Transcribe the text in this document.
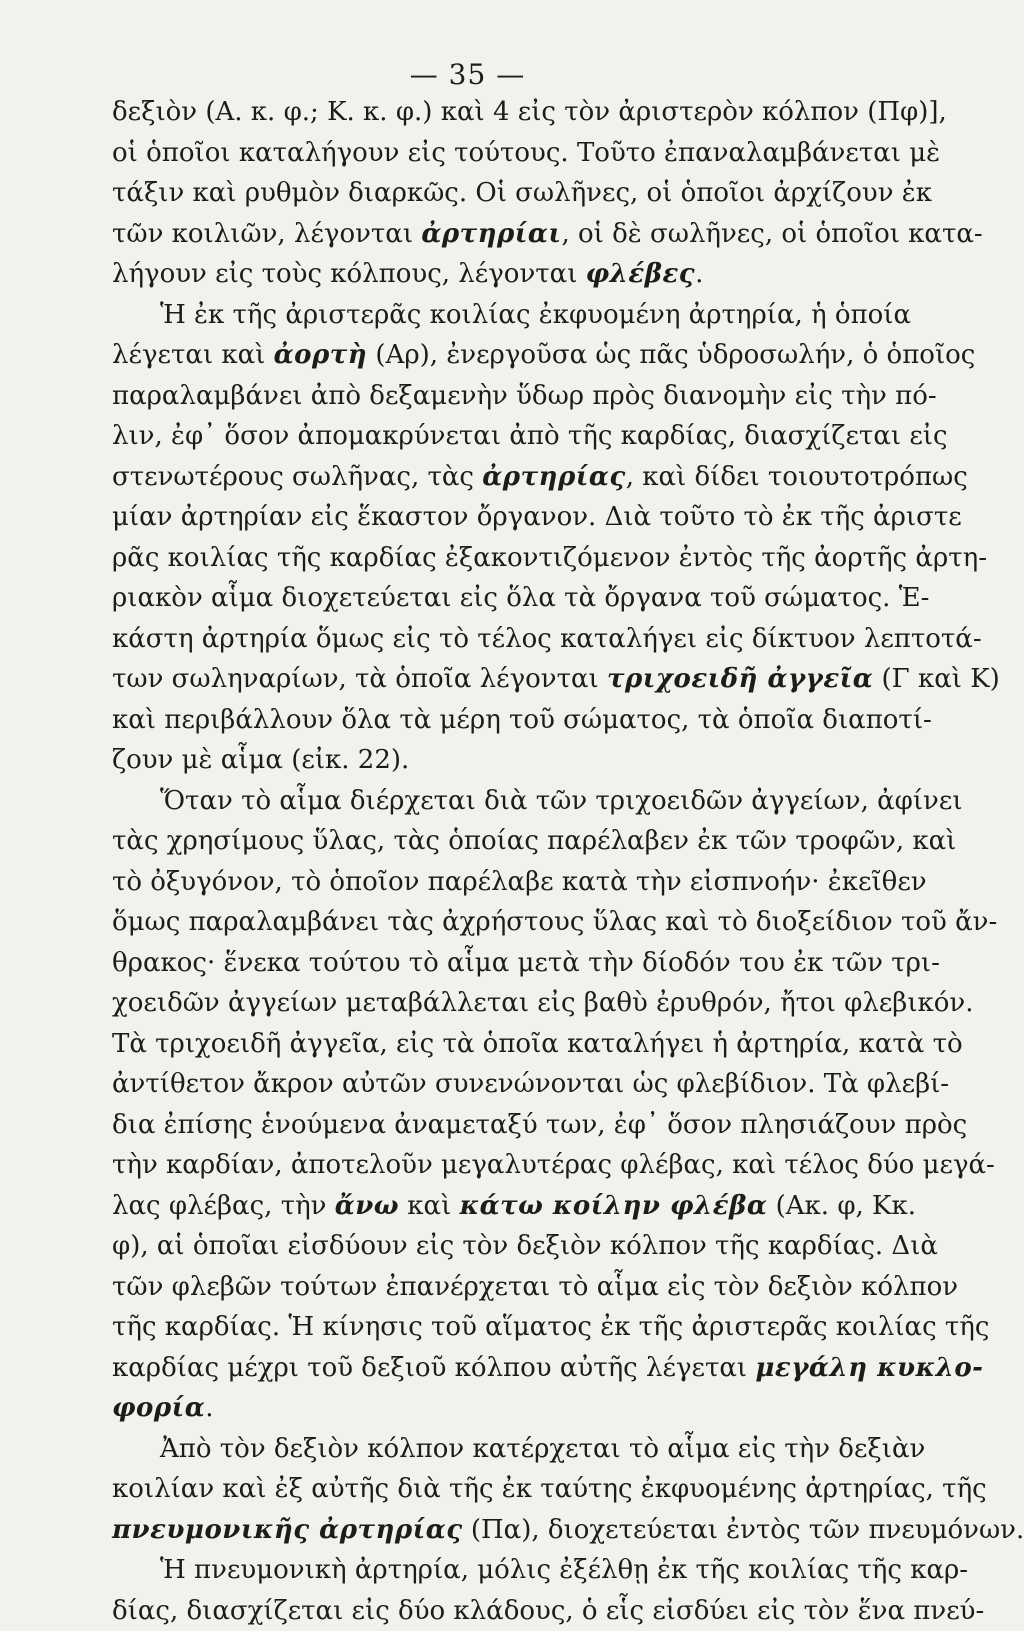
— 35 —
δεξιὸν (Α. κ. φ.; Κ. κ. φ.) καὶ 4 εἰς τὸν ἀριστερὸν κόλπον (Πφ)],
οἱ ὁποῖοι καταλήγουν εἰς τούτους. Τοῦτο ἐπαναλαμβάνεται μὲ
τάξιν καὶ ρυθμὸν διαρκῶς. Οἱ σωλῆνες, οἱ ὁποῖοι ἀρχίζουν ἐκ
τῶν κοιλιῶν, λέγονται ἀρτηρίαι, οἱ δὲ σωλῆνες, οἱ ὁποῖοι κατα-
λήγουν εἰς τοὺς κόλπους, λέγονται φλέβες.
Ἡ ἐκ τῆς ἀριστερᾶς κοιλίας ἐκφυομένη ἀρτηρία, ἡ ὁποία
λέγεται καὶ ἀορτὴ (Αρ), ἐνεργοῦσα ὡς πᾶς ὑδροσωλήν, ὁ ὁποῖος
παραλαμβάνει ἀπὸ δεξαμενὴν ὕδωρ πρὸς διανομὴν εἰς τὴν πό-
λιν, ἐφ᾽ ὅσον ἀπομακρύνεται ἀπὸ τῆς καρδίας, διασχίζεται εἰς
στενωτέρους σωλῆνας, τὰς ἀρτηρίας, καὶ δίδει τοιουτοτρόπως
μίαν ἀρτηρίαν εἰς ἕκαστον ὄργανον. Διὰ τοῦτο τὸ ἐκ τῆς ἀριστε
ρᾶς κοιλίας τῆς καρδίας ἐξακοντιζόμενον ἐντὸς τῆς ἀορτῆς ἀρτη-
ριακὸν αἷμα διοχετεύεται εἰς ὅλα τὰ ὄργανα τοῦ σώματος. Ἑ-
κάστη ἀρτηρία ὅμως εἰς τὸ τέλος καταλήγει εἰς δίκτυον λεπτοτά-
των σωληναρίων, τὰ ὁποῖα λέγονται τριχοειδῆ ἀγγεῖα (Γ καὶ Κ)
καὶ περιβάλλουν ὅλα τὰ μέρη τοῦ σώματος, τὰ ὁποῖα διαποτί-
ζουν μὲ αἷμα (εἰκ. 22).
Ὅταν τὸ αἷμα διέρχεται διὰ τῶν τριχοειδῶν ἀγγείων, ἀφίνει
τὰς χρησίμους ὕλας, τὰς ὁποίας παρέλαβεν ἐκ τῶν τροφῶν, καὶ
τὸ ὀξυγόνον, τὸ ὁποῖον παρέλαβε κατὰ τὴν εἰσπνοήν· ἐκεῖθεν
ὅμως παραλαμβάνει τὰς ἀχρήστους ὕλας καὶ τὸ διοξείδιον τοῦ ἄν-
θρακος· ἕνεκα τούτου τὸ αἷμα μετὰ τὴν δίοδόν του ἐκ τῶν τρι-
χοειδῶν ἀγγείων μεταβάλλεται εἰς βαθὺ ἐρυθρόν, ἤτοι φλεβικόν.
Τὰ τριχοειδῆ ἀγγεῖα, εἰς τὰ ὁποῖα καταλήγει ἡ ἀρτηρία, κατὰ τὸ
ἀντίθετον ἄκρον αὐτῶν συνενώνονται ὡς φλεβίδιον. Τὰ φλεβί-
δια ἐπίσης ἑνούμενα ἀναμεταξύ των, ἐφ᾽ ὅσον πλησιάζουν πρὸς
τὴν καρδίαν, ἀποτελοῦν μεγαλυτέρας φλέβας, καὶ τέλος δύο μεγά-
λας φλέβας, τὴν ἄνω καὶ κάτω κοίλην φλέβα (Ακ. φ, Κκ.
φ), αἱ ὁποῖαι εἰσδύουν εἰς τὸν δεξιὸν κόλπον τῆς καρδίας. Διὰ
τῶν φλεβῶν τούτων ἐπανέρχεται τὸ αἷμα εἰς τὸν δεξιὸν κόλπον
τῆς καρδίας. Ἡ κίνησις τοῦ αἵματος ἐκ τῆς ἀριστερᾶς κοιλίας τῆς
καρδίας μέχρι τοῦ δεξιοῦ κόλπου αὐτῆς λέγεται μεγάλη κυκλο-
φορία.
Ἀπὸ τὸν δεξιὸν κόλπον κατέρχεται τὸ αἷμα εἰς τὴν δεξιὰν
κοιλίαν καὶ ἐξ αὐτῆς διὰ τῆς ἐκ ταύτης ἐκφυομένης ἀρτηρίας, τῆς
πνευμονικῆς ἀρτηρίας (Πα), διοχετεύεται ἐντὸς τῶν πνευμόνων.
Ἡ πνευμονικὴ ἀρτηρία, μόλις ἐξέλθῃ ἐκ τῆς κοιλίας τῆς καρ-
δίας, διασχίζεται εἰς δύο κλάδους, ὁ εἷς εἰσδύει εἰς τὸν ἕνα πνεύ-
